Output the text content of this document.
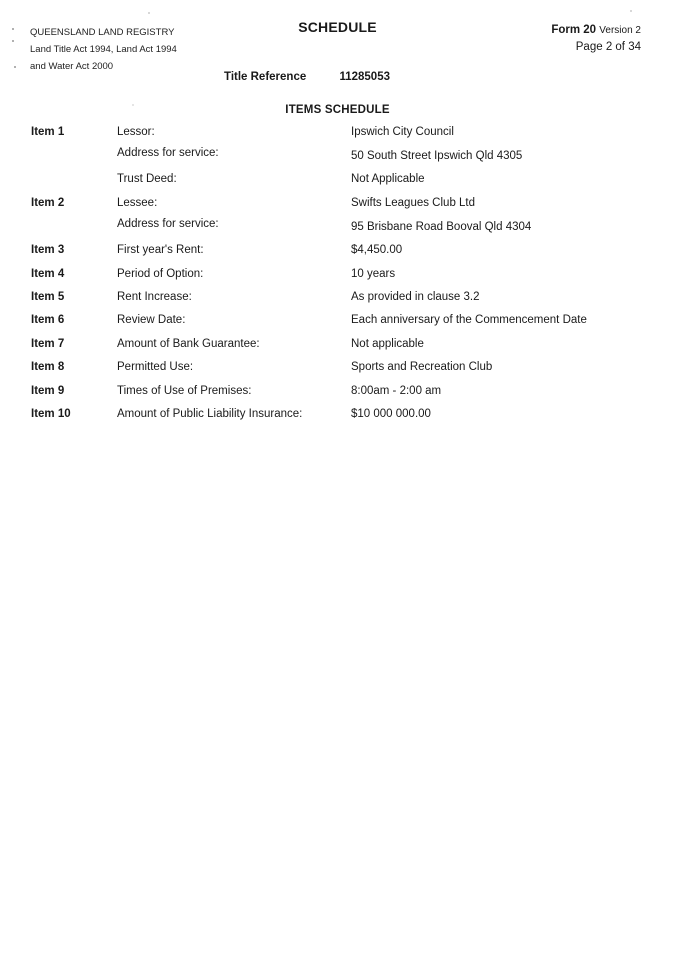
QUEENSLAND LAND REGISTRY
Land Title Act 1994, Land Act 1994
and Water Act 2000
SCHEDULE	Form 20 Version 2
Page 2 of 34
Title Reference	11285053
ITEMS SCHEDULE
Item 1	Lessor:	Ipswich City Council
Address for service:	50 South Street Ipswich Qld 4305
Trust Deed:	Not Applicable
Item 2	Lessee:	Swifts Leagues Club Ltd
Address for service:	95 Brisbane Road Booval Qld 4304
Item 3	First year's Rent:	$4,450.00
Item 4	Period of Option:	10 years
Item 5	Rent Increase:	As provided in clause 3.2
Item 6	Review Date:	Each anniversary of the Commencement Date
Item 7	Amount of Bank Guarantee:	Not applicable
Item 8	Permitted Use:	Sports and Recreation Club
Item 9	Times of Use of Premises:	8:00am - 2:00 am
Item 10	Amount of Public Liability Insurance:	$10 000 000.00
